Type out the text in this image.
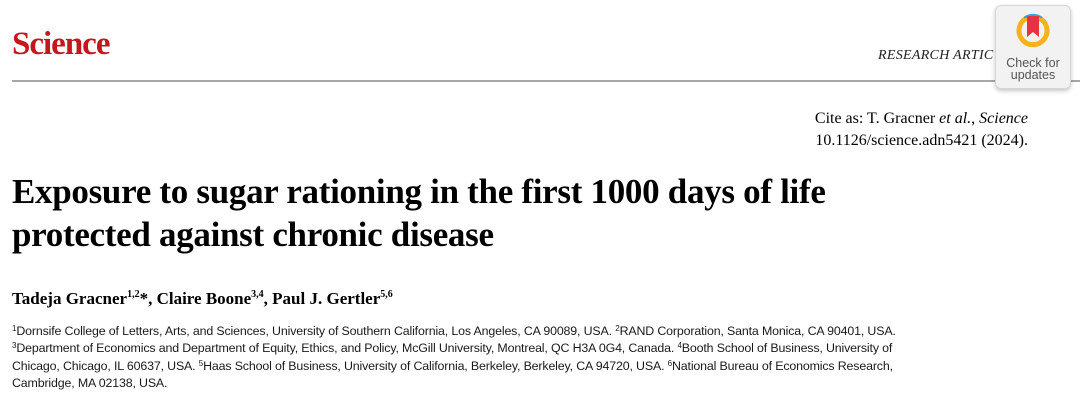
Science	RESEARCH ARTIC	Check for
updates
Cite as: T. Gracner et al., Science
10.1126/science.adn5421 (2024).
Exposure to sugar rationing in the first 1000 days of life
protected against chronic disease
Tadeja Gracner$^{1,2}$*, Claire Boone$^{3,4}$, Paul J. Gertler$^{5,6}$
$^1$Dornsife College of Letters, Arts, and Sciences, University of Southern California, Los Angeles, CA 90089, USA. $^2$RAND Corporation, Santa Monica, CA 90401, USA.
$^3$Department of Economics and Department of Equity, Ethics, and Policy, McGill University, Montreal, QC H3A 0G4, Canada. $^4$Booth School of Business, University of
Chicago, Chicago, IL 60637, USA. $^5$Haas School of Business, University of California, Berkeley, Berkeley, CA 94720, USA. $^6$National Bureau of Economics Research,
Cambridge, MA 02138, USA.
